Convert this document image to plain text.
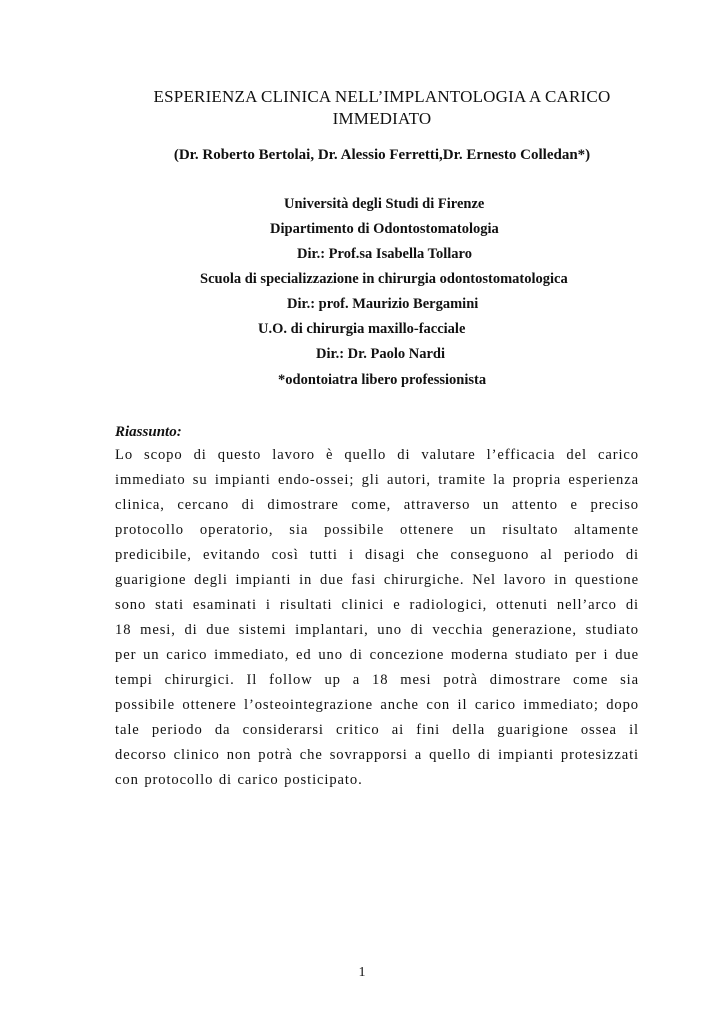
ESPERIENZA CLINICA NELL’IMPLANTOLOGIA A CARICO
IMMEDIATO
(Dr. Roberto Bertolai, Dr. Alessio Ferretti,Dr. Ernesto Colledan*)
Università degli Studi di Firenze
Dipartimento di Odontostomatologia
Dir.: Prof.sa Isabella Tollaro
Scuola di specializzazione in chirurgia odontostomatologica
Dir.: prof. Maurizio Bergamini
U.O. di chirurgia maxillo-facciale
Dir.: Dr. Paolo Nardi
*odontoiatra libero professionista
Riassunto:
Lo scopo di questo lavoro è quello di valutare l’efficacia del carico
immediato su impianti endo-ossei; gli autori, tramite la propria esperienza
clinica, cercano di dimostrare come, attraverso un attento e preciso
protocollo operatorio, sia possibile ottenere un risultato altamente
predicibile, evitando così tutti i disagi che conseguono al periodo di
guarigione degli impianti in due fasi chirurgiche. Nel lavoro in questione
sono stati esaminati i risultati clinici e radiologici, ottenuti nell’arco di
18 mesi, di due sistemi implantari, uno di vecchia generazione, studiato
per un carico immediato, ed uno di concezione moderna studiato per i due
tempi chirurgici. Il follow up a 18 mesi potrà dimostrare come sia
possibile ottenere l’osteointegrazione anche con il carico immediato; dopo
tale periodo da considerarsi critico ai fini della guarigione ossea il
decorso clinico non potrà che sovrapporsi a quello di impianti protesizzati
con protocollo di carico posticipato.
1
